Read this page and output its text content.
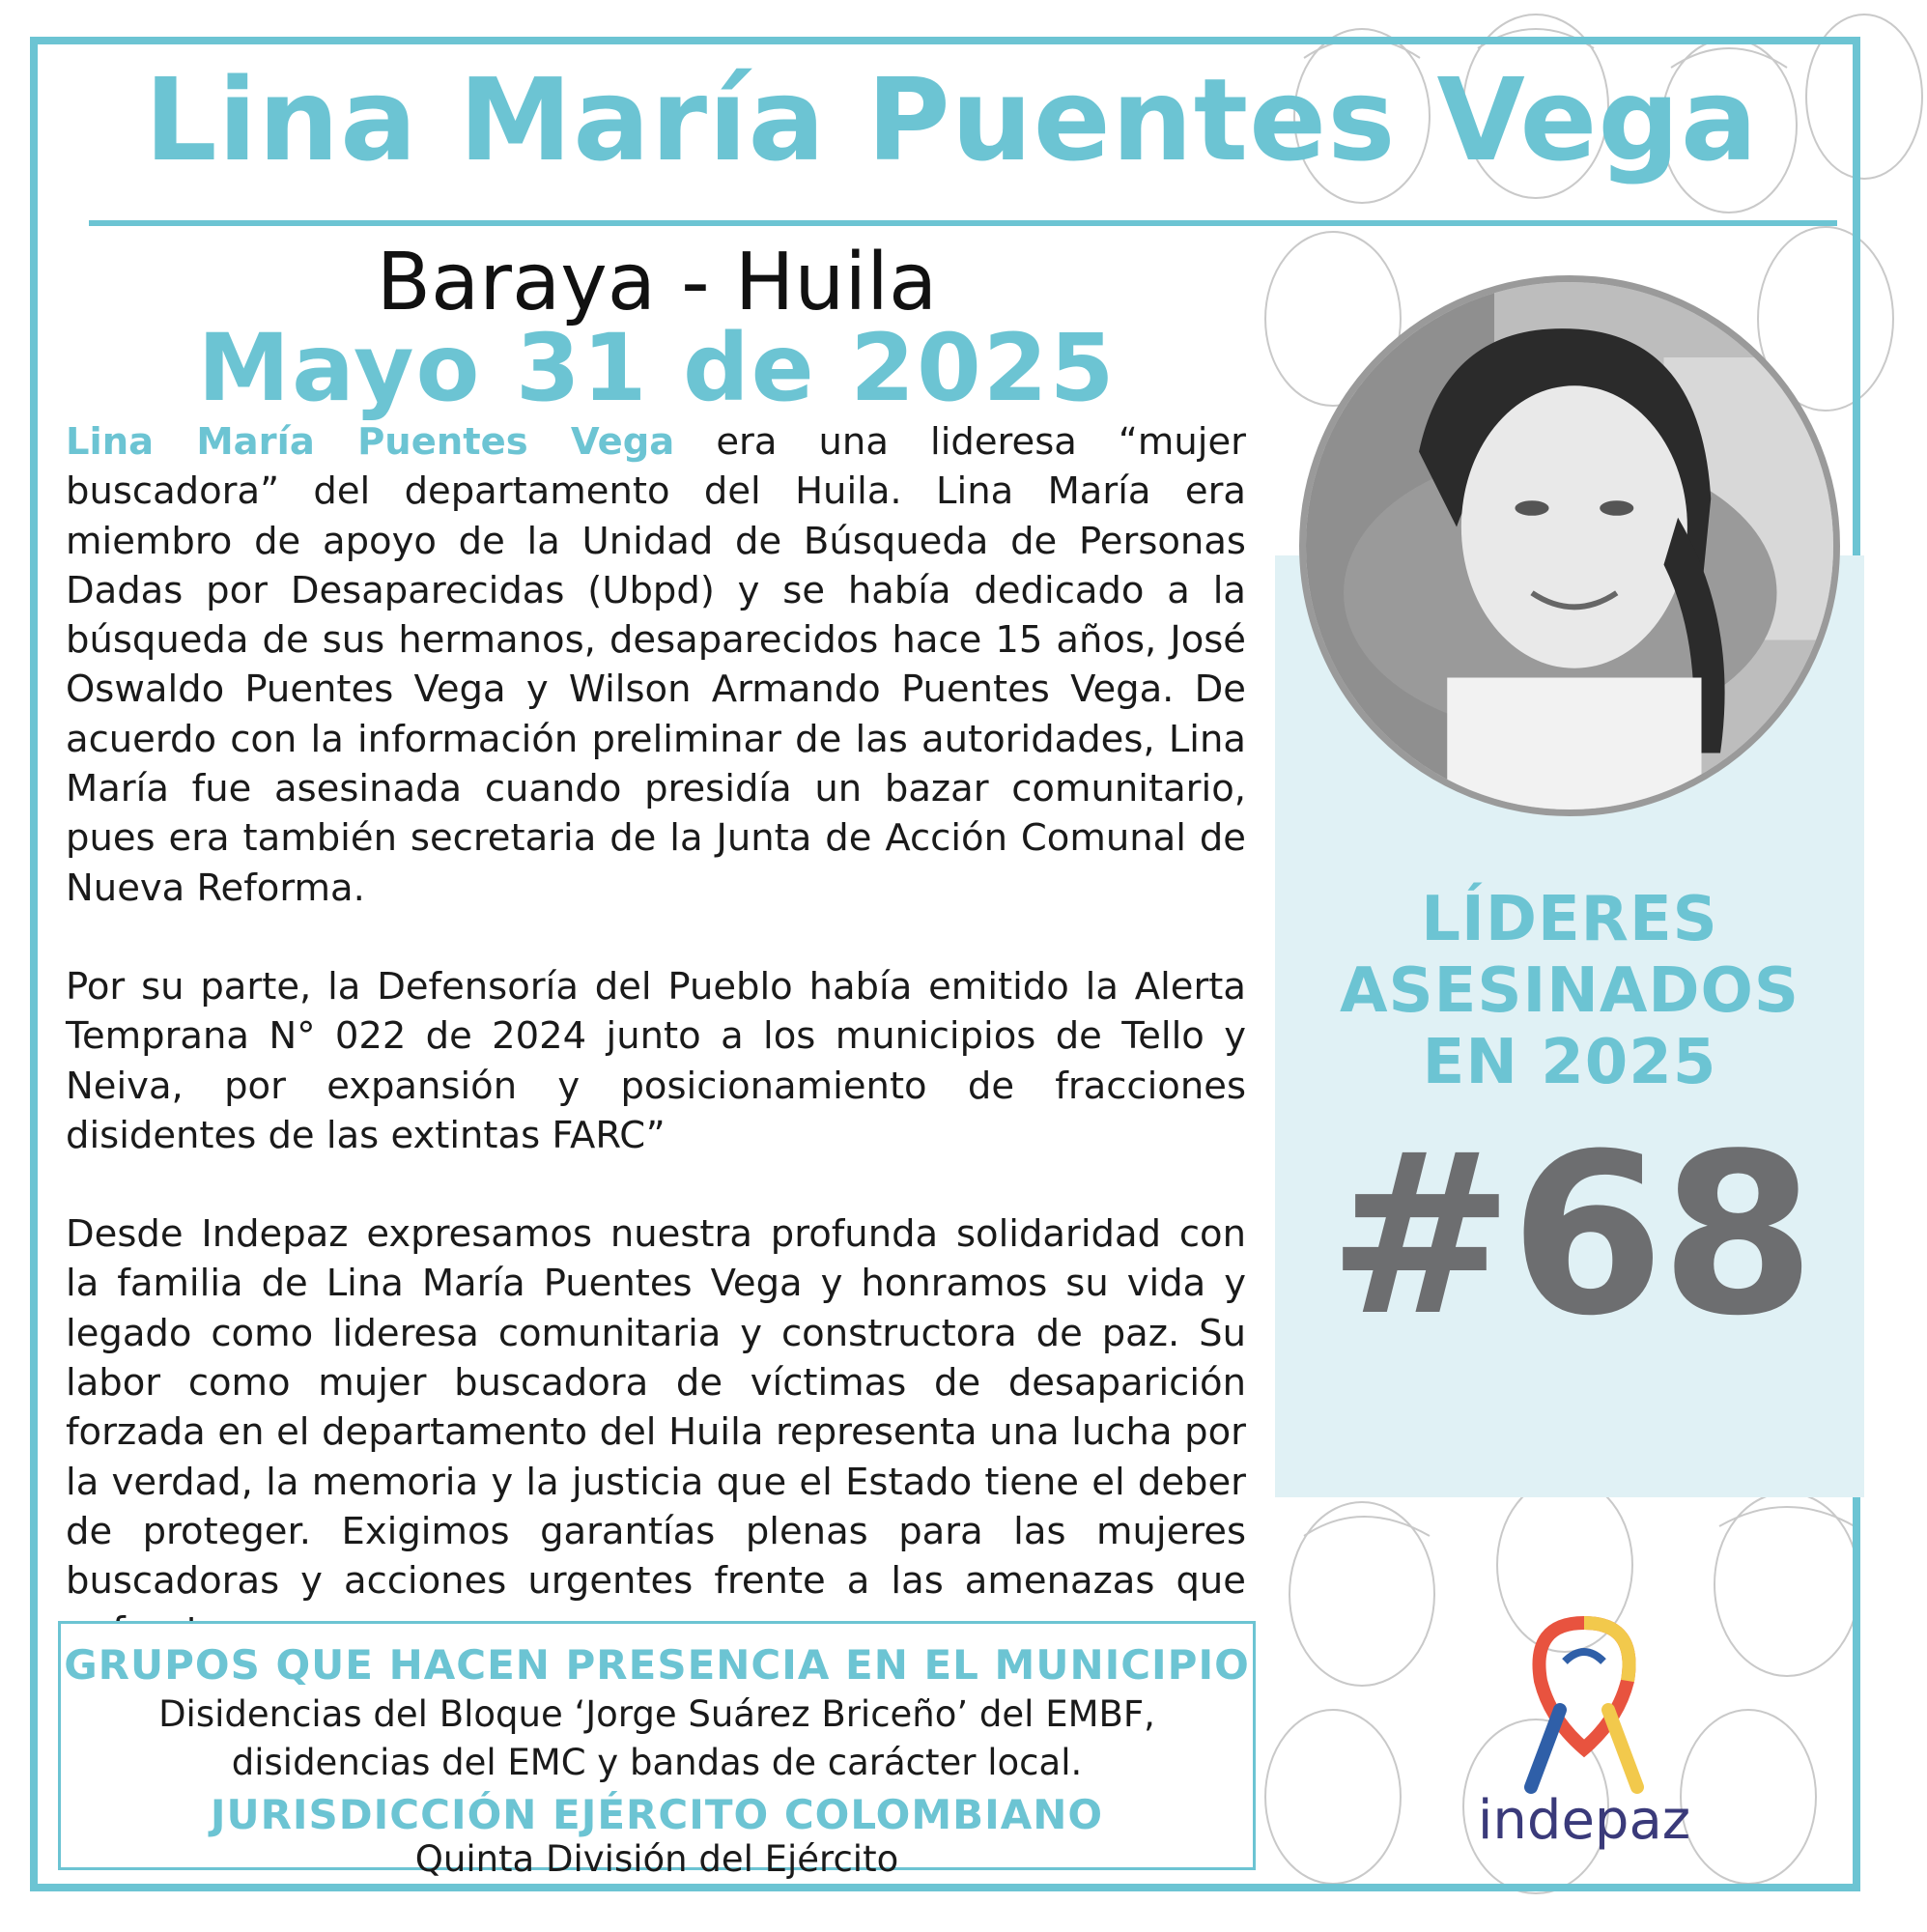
Lina María Puentes Vega
Baraya - Huila
Mayo 31 de 2025

Lina María Puentes Vega era una lideresa “mujer buscadora” del departamento del Huila. Lina María era miembro de apoyo de la Unidad de Búsqueda de Personas Dadas por Desaparecidas (Ubpd) y se había dedicado a la búsqueda de sus hermanos, desaparecidos hace 15 años, José Oswaldo Puentes Vega y Wilson Armando Puentes Vega. De acuerdo con la información preliminar de las autoridades, Lina María fue asesinada cuando presidía un bazar comunitario, pues era también secretaria de la Junta de Acción Comunal de Nueva Reforma.

Por su parte, la Defensoría del Pueblo había emitido la Alerta Temprana N° 022 de 2024 junto a los municipios de Tello y Neiva, por expansión y posicionamiento de fracciones disidentes de las extintas FARC”

Desde Indepaz expresamos nuestra profunda solidaridad con la familia de Lina María Puentes Vega y honramos su vida y legado como lideresa comunitaria y constructora de paz. Su labor como mujer buscadora de víctimas de desaparición forzada en el departamento del Huila representa una lucha por la verdad, la memoria y la justicia que el Estado tiene el deber de proteger. Exigimos garantías plenas para las mujeres buscadoras y acciones urgentes frente a las amenazas que

LÍDERES
ASESINADOS
EN 2025
#68
GRUPOS QUE HACEN PRESENCIA EN EL MUNICIPIO
Disidencias del Bloque ‘Jorge Suárez Briceño’ del EMBF,
disidencias del EMC y bandas de carácter local.
JURISDICCIÓN EJÉRCITO COLOMBIANO
Quinta División del Ejército
indepaz
